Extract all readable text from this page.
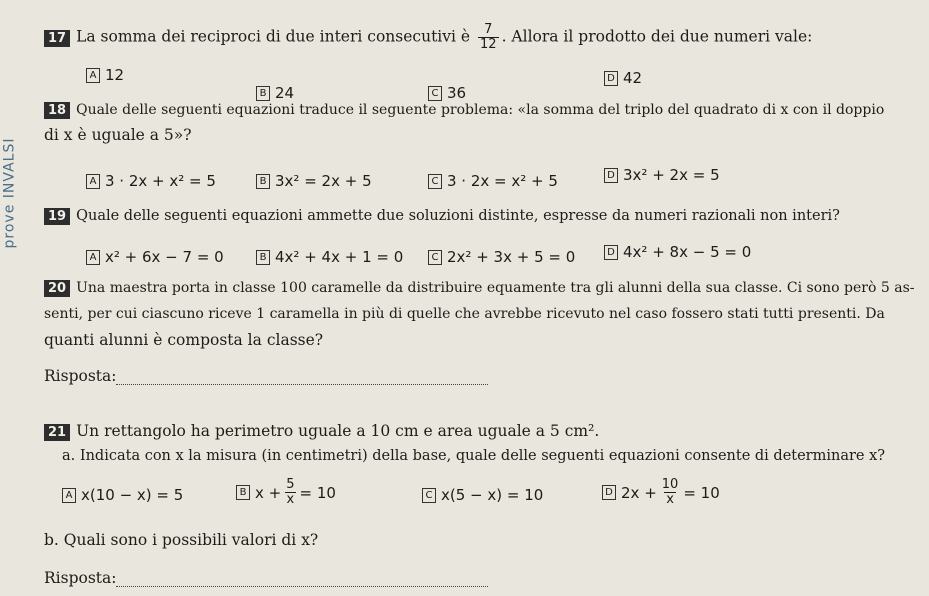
prove INVALSI
17 La somma dei reciproci di due interi consecutivi è $\frac{7}{12}$ . Allora il prodotto dei due numeri vale:
A 12
B 24	C 36
D 42
18 Quale delle seguenti equazioni traduce il seguente problema: «la somma del triplo del quadrato di x con il doppio
di x è uguale a 5»?
A 3 · 2x + x² = 5	B 3x² = 2x + 5	C 3 · 2x = x² + 5	D 3x² + 2x = 5
19 Quale delle seguenti equazioni ammette due soluzioni distinte, espresse da numeri razionali non interi?
A x² + 6x − 7 = 0	B 4x² + 4x + 1 = 0	C 2x² + 3x + 5 = 0	D 4x² + 8x − 5 = 0
20 Una maestra porta in classe 100 caramelle da distribuire equamente tra gli alunni della sua classe. Ci sono però 5 as-
senti, per cui ciascuno riceve 1 caramella in più di quelle che avrebbe ricevuto nel caso fossero stati tutti presenti. Da
quanti alunni è composta la classe?
Risposta:
21 Un rettangolo ha perimetro uguale a 10 cm e area uguale a 5 cm².
a. Indicata con x la misura (in centimetri) della base, quale delle seguenti equazioni consente di determinare x?
A x(10 − x) = 5	B $x + \frac{5}{x} = 10$	C x(5 − x) = 10	D $2x + \frac{10}{x} = 10$
b. Quali sono i possibili valori di x?
Risposta:
